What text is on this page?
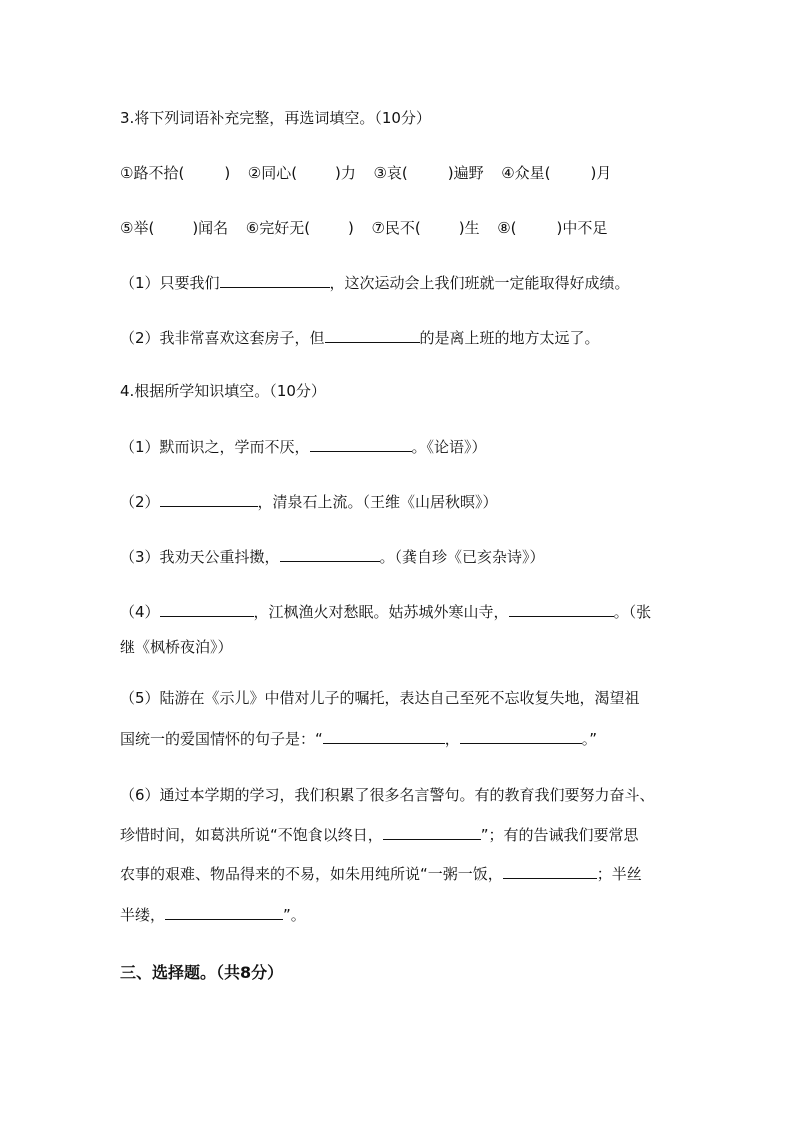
3.将下列词语补充完整，再选词填空。（10分）
①路不拾(	) ②同心(	)力 ③哀(	)遍野 ④众星(	)月
⑤举(	)闻名 ⑥完好无(	) ⑦民不(	)生 ⑧(	)中不足
（1）只要我们	，这次运动会上我们班就一定能取得好成绩。
（2）我非常喜欢这套房子，但	的是离上班的地方太远了。
4.根据所学知识填空。（10分）
（1）默而识之，学而不厌，	。《论语》）
（2）	，清泉石上流。（王维《山居秋暝》）
（3）我劝天公重抖擞，	。（龚自珍《已亥杂诗》）
（4）	，江枫渔火对愁眠。姑苏城外寒山寺，	。（张
继《枫桥夜泊》）
（5）陆游在《示儿》中借对儿子的嘱托，表达自己至死不忘收复失地，渴望祖
国统一的爱国情怀的句子是：“	，	。”
（6）通过本学期的学习，我们积累了很多名言警句。有的教育我们要努力奋斗、
珍惜时间，如葛洪所说“不饱食以终日，	”；有的告诫我们要常思
农事的艰难、物品得来的不易，如朱用纯所说“一粥一饭，	；半丝
半缕，	”。
三、选择题。（共8分）
